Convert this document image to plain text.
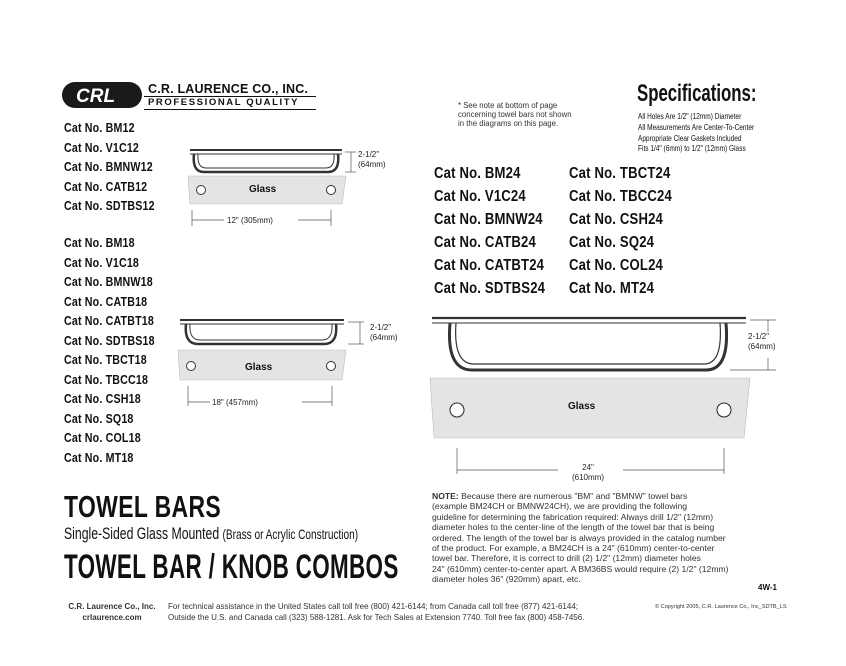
CRL	C.R. LAURENCE CO., INC.
PROFESSIONAL QUALITY	* See note at bottom of page
concerning towel bars not shown
in the diagrams on this page.
Specifications:
All Holes Are 1/2" (12mm) Diameter
All Measurements Are Center-To-Center
Appropriate Clear Gaskets Included
Fits 1/4" (6mm) to 1/2" (12mm) Glass
Cat No. BM12
Cat No. V1C12
Cat No. BMNW12
Cat No. CATB12
Cat No. SDTBS12
Glass
12" (305mm)
2-1/2"
(64mm)
Cat No. BM18
Cat No. V1C18
Cat No. BMNW18
Cat No. CATB18
Cat No. CATBT18
Cat No. SDTBS18
Cat No. TBCT18
Cat No. TBCC18
Cat No. CSH18
Cat No. SQ18
Cat No. COL18
Cat No. MT18
Glass
18" (457mm)
2-1/2"
(64mm)
Cat No. BM24
Cat No. V1C24
Cat No. BMNW24
Cat No. CATB24
Cat No. CATBT24
Cat No. SDTBS24
Cat No. TBCT24
Cat No. TBCC24
Cat No. CSH24
Cat No. SQ24
Cat No. COL24
Cat No. MT24
Glass
24"
(610mm)
2-1/2"
(64mm)
TOWEL BARS
Single-Sided Glass Mounted (Brass or Acrylic Construction)
TOWEL BAR / KNOB COMBOS
NOTE: Because there are numerous "BM" and "BMNW" towel bars
(example BM24CH or BMNW24CH), we are providing the following
guideline for determining the fabrication required: Always drill 1/2" (12mm)
diameter holes to the center-line of the length of the towel bar that is being
ordered. The length of the towel bar is always provided in the catalog number
of the product. For example, a BM24CH is a 24" (610mm) center-to-center
towel bar. Therefore, it is correct to drill (2) 1/2" (12mm) diameter holes
24" (610mm) center-to-center apart. A BM36BS would require (2) 1/2" (12mm)
diameter holes 36" (920mm) apart, etc.
4W-1
© Copyright 2005, C.R. Laurence Co., Inc_SDTB_LS
C.R. Laurence Co., Inc.
crlaurence.com
For technical assistance in the United States call toll free (800) 421-6144; from Canada call toll free (877) 421-6144;
Outside the U.S. and Canada call (323) 588-1281. Ask for Tech Sales at Extension 7740. Toll free fax (800) 458-7456.
